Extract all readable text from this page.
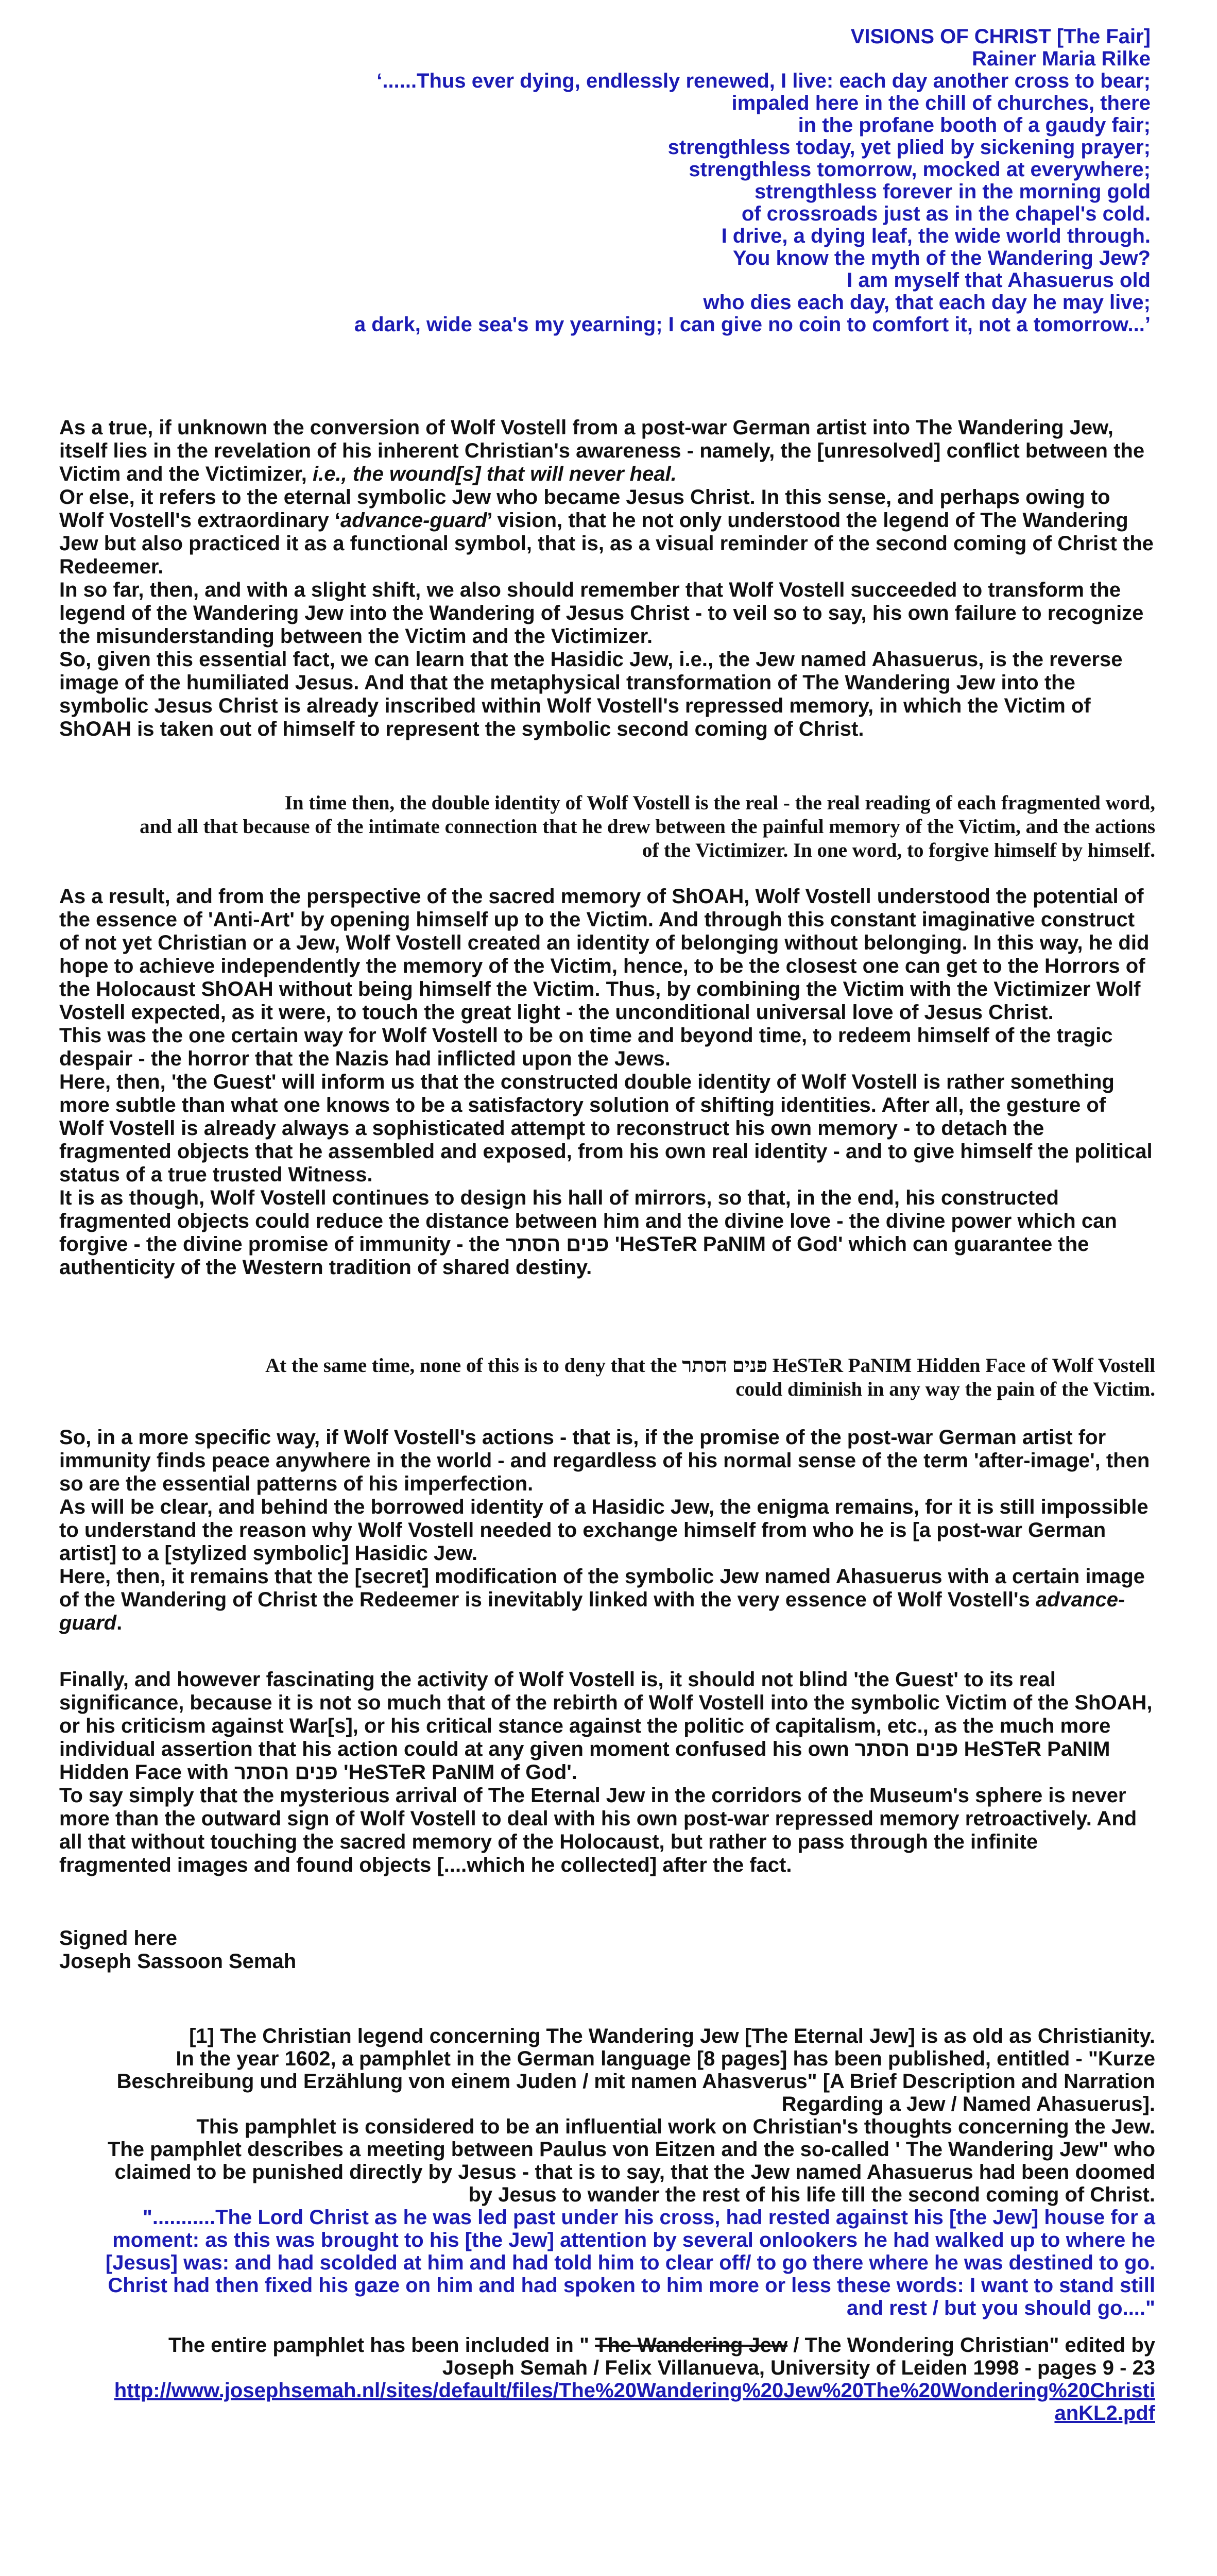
VISIONS OF CHRIST [The Fair]
Rainer Maria Rilke
‘......Thus ever dying, endlessly renewed, I live: each day another cross to bear;
impaled here in the chill of churches, there
in the profane booth of a gaudy fair;
strengthless today, yet plied by sickening prayer;
strengthless tomorrow, mocked at everywhere;
strengthless forever in the morning gold
of crossroads just as in the chapel's cold.
I drive, a dying leaf, the wide world through.
You know the myth of the Wandering Jew?
I am myself that Ahasuerus old
who dies each day, that each day he may live;
a dark, wide sea's my yearning; I can give no coin to comfort it, not a tomorrow...’

As a true, if unknown the conversion of Wolf Vostell from a post-war German artist into The Wandering Jew, itself lies in the revelation of his inherent Christian's awareness - namely, the [unresolved] conflict between the Victim and the Victimizer, i.e., the wound[s] that will never heal.

Or else, it refers to the eternal symbolic Jew who became Jesus Christ. In this sense, and perhaps owing to Wolf Vostell's extraordinary ‘advance-guard’ vision, that he not only understood the legend of The Wandering Jew but also practiced it as a functional symbol, that is, as a visual reminder of the second coming of Christ the Redeemer.

In so far, then, and with a slight shift, we also should remember that Wolf Vostell succeeded to transform the legend of the Wandering Jew into the Wandering of Jesus Christ - to veil so to say, his own failure to recognize the misunderstanding between the Victim and the Victimizer.

So, given this essential fact, we can learn that the Hasidic Jew, i.e., the Jew named Ahasuerus, is the reverse image of the humiliated Jesus. And that the metaphysical transformation of The Wandering Jew into the symbolic Jesus Christ is already inscribed within Wolf Vostell's repressed memory, in which the Victim of ShOAH is taken out of himself to represent the symbolic second coming of Christ.

In time then, the double identity of Wolf Vostell is the real - the real reading of each fragmented word,
and all that because of the intimate connection that he drew between the painful memory of the Victim, and the actions
of the Victimizer. In one word, to forgive himself by himself.

As a result, and from the perspective of the sacred memory of ShOAH, Wolf Vostell understood the potential of the essence of 'Anti-Art' by opening himself up to the Victim. And through this constant imaginative construct of not yet Christian or a Jew, Wolf Vostell created an identity of belonging without belonging. In this way, he did hope to achieve independently the memory of the Victim, hence, to be the closest one can get to the Horrors of the Holocaust ShOAH without being himself the Victim. Thus, by combining the Victim with the Victimizer Wolf Vostell expected, as it were, to touch the great light - the unconditional universal love of Jesus Christ.

This was the one certain way for Wolf Vostell to be on time and beyond time, to redeem himself of the tragic despair - the horror that the Nazis had inflicted upon the Jews.

Here, then, 'the Guest' will inform us that the constructed double identity of Wolf Vostell is rather something more subtle than what one knows to be a satisfactory solution of shifting identities. After all, the gesture of Wolf Vostell is already always a sophisticated attempt to reconstruct his own memory - to detach the fragmented objects that he assembled and exposed, from his own real identity - and to give himself the political status of a true trusted Witness.

It is as though, Wolf Vostell continues to design his hall of mirrors, so that, in the end, his constructed fragmented objects could reduce the distance between him and the divine love - the divine power which can forgive - the divine promise of immunity - the פנים הסתר 'HeSTeR PaNIM of God' which can guarantee the authenticity of the Western tradition of shared destiny.

At the same time, none of this is to deny that the פנים הסתר HeSTeR PaNIM Hidden Face of Wolf Vostell
could diminish in any way the pain of the Victim.

So, in a more specific way, if Wolf Vostell's actions - that is, if the promise of the post-war German artist for immunity finds peace anywhere in the world - and regardless of his normal sense of the term 'after-image', then so are the essential patterns of his imperfection.

As will be clear, and behind the borrowed identity of a Hasidic Jew, the enigma remains, for it is still impossible to understand the reason why Wolf Vostell needed to exchange himself from who he is [a post-war German artist] to a [stylized symbolic] Hasidic Jew.

Here, then, it remains that the [secret] modification of the symbolic Jew named Ahasuerus with a certain image of the Wandering of Christ the Redeemer is inevitably linked with the very essence of Wolf Vostell's advance-guard.

Finally, and however fascinating the activity of Wolf Vostell is, it should not blind 'the Guest' to its real significance, because it is not so much that of the rebirth of Wolf Vostell into the symbolic Victim of the ShOAH, or his criticism against War[s], or his critical stance against the politic of capitalism, etc., as the much more individual assertion that his action could at any given moment confused his own פנים הסתר HeSTeR PaNIM Hidden Face with פנים הסתר 'HeSTeR PaNIM of God'.

To say simply that the mysterious arrival of The Eternal Jew in the corridors of the Museum's sphere is never more than the outward sign of Wolf Vostell to deal with his own post-war repressed memory retroactively. And all that without touching the sacred memory of the Holocaust, but rather to pass through the infinite fragmented images and found objects [....which he collected] after the fact.

Signed here

Joseph Sassoon Semah

[1] The Christian legend concerning The Wandering Jew [The Eternal Jew] is as old as Christianity.
In the year 1602, a pamphlet in the German language [8 pages] has been published, entitled - "Kurze
Beschreibung und Erzählung von einem Juden / mit namen Ahasverus" [A Brief Description and Narration
Regarding a Jew / Named Ahasuerus].
This pamphlet is considered to be an influential work on Christian's thoughts concerning the Jew.
The pamphlet describes a meeting between Paulus von Eitzen and the so-called ' The Wandering Jew" who
claimed to be punished directly by Jesus - that is to say, that the Jew named Ahasuerus had been doomed
by Jesus to wander the rest of his life till the second coming of Christ.
"...........The Lord Christ as he was led past under his cross, had rested against his [the Jew] house for a
moment: as this was brought to his [the Jew] attention by several onlookers he had walked up to where he
[Jesus] was: and had scolded at him and had told him to clear off/ to go there where he was destined to go.
Christ had then fixed his gaze on him and had spoken to him more or less these words: I want to stand still
and rest / but you should go...."
The entire pamphlet has been included in " The Wandering Jew / The Wondering Christian" edited by
Joseph Semah / Felix Villanueva, University of Leiden 1998 - pages 9 - 23
http://www.josephsemah.nl/sites/default/files/The%20Wandering%20Jew%20The%20Wondering%20Christi
anKL2.pdf
